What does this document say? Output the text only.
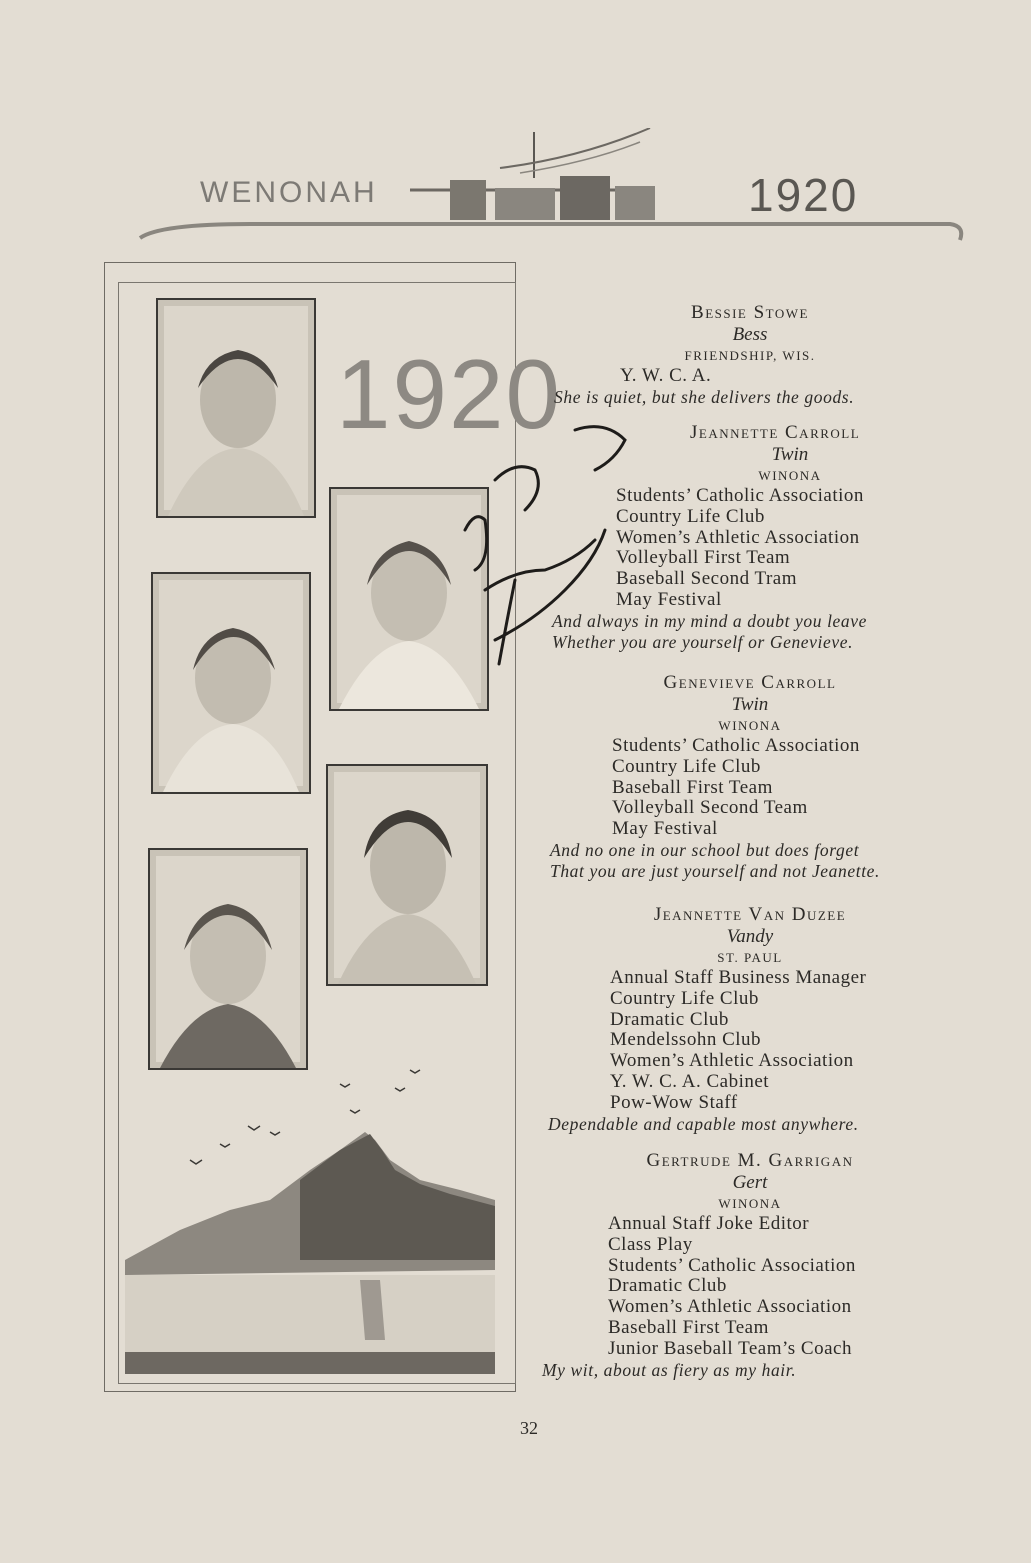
WENONAH	1920
1920
Bessie Stowe
Bess
FRIENDSHIP, WIS.
Y. W. C. A.
She is quiet, but she delivers the goods.
Jeannette Carroll
Twin
WINONA
Students’ Catholic Association
Country Life Club
Women’s Athletic Association
Volleyball First Team
Baseball Second Tram
May Festival
And always in my mind a doubt you leave
Whether you are yourself or Genevieve.
Genevieve Carroll
Twin
WINONA
Students’ Catholic Association
Country Life Club
Baseball First Team
Volleyball Second Team
May Festival
And no one in our school but does forget
That you are just yourself and not Jeanette.
Jeannette Van Duzee
Vandy
ST. PAUL
Annual Staff Business Manager
Country Life Club
Dramatic Club
Mendelssohn Club
Women’s Athletic Association
Y. W. C. A. Cabinet
Pow-Wow Staff
Dependable and capable most anywhere.
Gertrude M. Garrigan
Gert
WINONA
Annual Staff Joke Editor
Class Play
Students’ Catholic Association
Dramatic Club
Women’s Athletic Association
Baseball First Team
Junior Baseball Team’s Coach
My wit, about as fiery as my hair.
32
